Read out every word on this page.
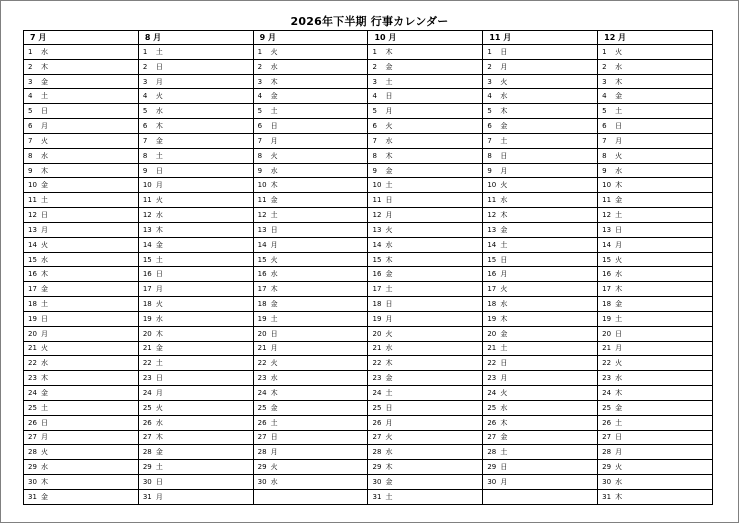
2026年下半期 行事カレンダー
7 月	8 月	9 月	10 月	11 月	12 月
1 水	1 土	1 火	1 木	1 日	1 火
2 木	2 日	2 水	2 金	2 月	2 水
3 金	3 月	3 木	3 土	3 火	3 木
4 土	4 火	4 金	4 日	4 水	4 金
5 日	5 水	5 土	5 月	5 木	5 土
6 月	6 木	6 日	6 火	6 金	6 日
7 火	7 金	7 月	7 水	7 土	7 月
8 水	8 土	8 火	8 木	8 日	8 火
9 木	9 日	9 水	9 金	9 月	9 水
10 金	10 月	10 木	10 土	10 火	10 木
11 土	11 火	11 金	11 日	11 水	11 金
12 日	12 水	12 土	12 月	12 木	12 土
13 月	13 木	13 日	13 火	13 金	13 日
14 火	14 金	14 月	14 水	14 土	14 月
15 水	15 土	15 火	15 木	15 日	15 火
16 木	16 日	16 水	16 金	16 月	16 水
17 金	17 月	17 木	17 土	17 火	17 木
18 土	18 火	18 金	18 日	18 水	18 金
19 日	19 水	19 土	19 月	19 木	19 土
20 月	20 木	20 日	20 火	20 金	20 日
21 火	21 金	21 月	21 水	21 土	21 月
22 水	22 土	22 火	22 木	22 日	22 火
23 木	23 日	23 水	23 金	23 月	23 水
24 金	24 月	24 木	24 土	24 火	24 木
25 土	25 火	25 金	25 日	25 水	25 金
26 日	26 水	26 土	26 月	26 木	26 土
27 月	27 木	27 日	27 火	27 金	27 日
28 火	28 金	28 月	28 水	28 土	28 月
29 水	29 土	29 火	29 木	29 日	29 火
30 木	30 日	30 水	30 金	30 月	30 水
31 金	31 月		31 土		31 木
